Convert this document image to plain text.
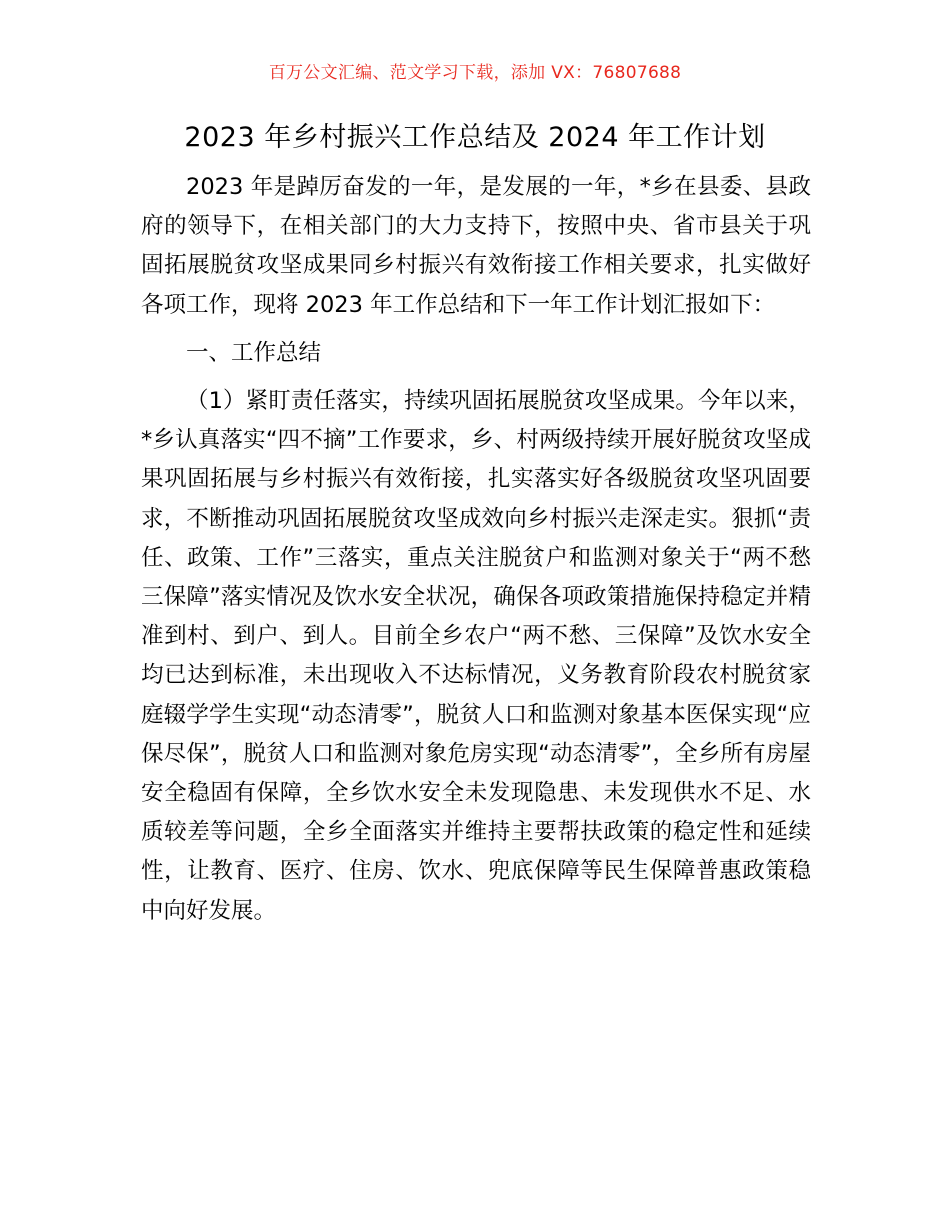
百万公文汇编、范文学习下载，添加 VX：76807688
2023 年乡村振兴工作总结及 2024 年工作计划

2023 年是踔厉奋发的一年，是发展的一年，*乡在县委、县政府的领导下，在相关部门的大力支持下，按照中央、省市县关于巩固拓展脱贫攻坚成果同乡村振兴有效衔接工作相关要求，扎实做好各项工作，现将 2023 年工作总结和下一年工作计划汇报如下：

一、工作总结

（1）紧盯责任落实，持续巩固拓展脱贫攻坚成果。今年以来，*乡认真落实“四不摘”工作要求，乡、村两级持续开展好脱贫攻坚成果巩固拓展与乡村振兴有效衔接，扎实落实好各级脱贫攻坚巩固要求，不断推动巩固拓展脱贫攻坚成效向乡村振兴走深走实。狠抓“责任、政策、工作”三落实，重点关注脱贫户和监测对象关于“两不愁三保障”落实情况及饮水安全状况，确保各项政策措施保持稳定并精准到村、到户、到人。目前全乡农户“两不愁、三保障”及饮水安全均已达到标准，未出现收入不达标情况，义务教育阶段农村脱贫家庭辍学学生实现“动态清零”，脱贫人口和监测对象基本医保实现“应保尽保”，脱贫人口和监测对象危房实现“动态清零”，全乡所有房屋安全稳固有保障，全乡饮水安全未发现隐患、未发现供水不足、水质较差等问题，全乡全面落实并维持主要帮扶政策的稳定性和延续性，让教育、医疗、住房、饮水、兜底保障等民生保障普惠政策稳中向好发展。
